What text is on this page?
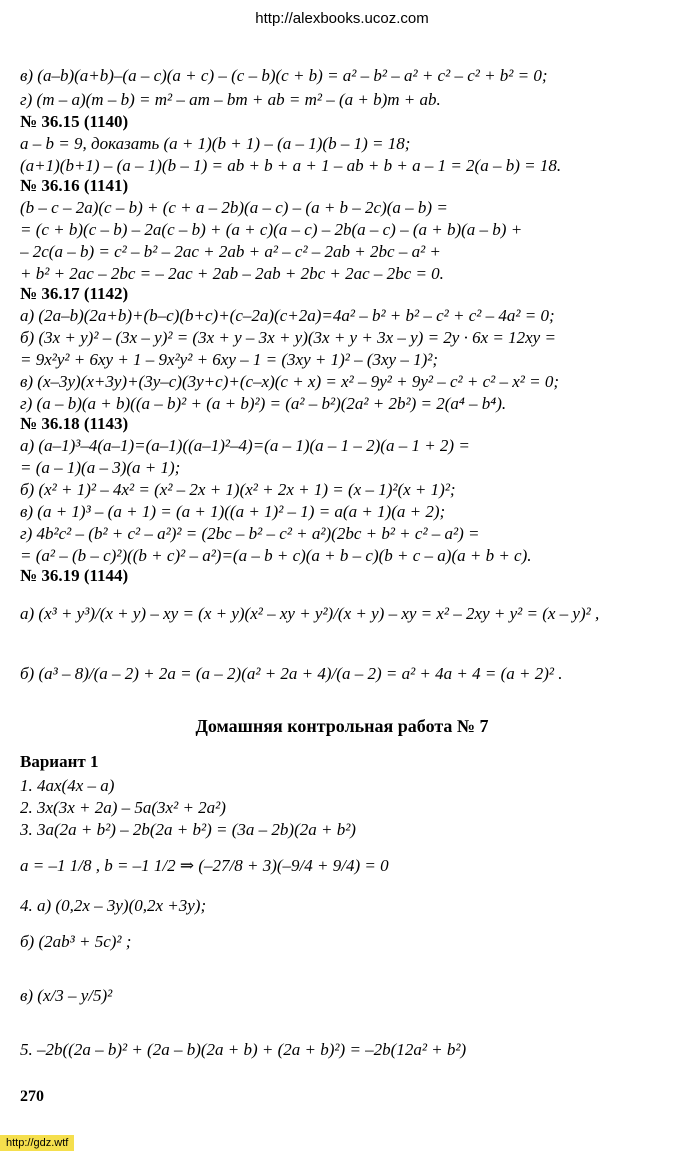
http://alexbooks.ucoz.com
в) (a–b)(a+b)–(a – c)(a + c) – (c – b)(c + b) = a² – b² – a² + c² – c² + b² = 0;
г) (m – a)(m – b) = m² – am – bm + ab = m² – (a + b)m + ab.
№ 36.15 (1140)
a – b = 9, доказать (a + 1)(b + 1) – (a – 1)(b – 1) = 18;
(a+1)(b+1) – (a – 1)(b – 1) = ab + b + a + 1 – ab + b + a – 1 = 2(a – b) = 18.
№ 36.16 (1141)
(b – c – 2a)(c – b) + (c + a – 2b)(a – c) – (a + b – 2c)(a – b) =
= (c + b)(c – b) – 2a(c – b) + (a + c)(a – c) – 2b(a – c) – (a + b)(a – b) +
– 2c(a – b) = c² – b² – 2ac + 2ab + a² – c² – 2ab + 2bc – a² +
+ b² + 2ac – 2bc = – 2ac + 2ab – 2ab + 2bc + 2ac – 2bc = 0.
№ 36.17 (1142)
а) (2a–b)(2a+b)+(b–c)(b+c)+(c–2a)(c+2a)=4a² – b² + b² – c² + c² – 4a² = 0;
б) (3x + y)² – (3x – y)² = (3x + y – 3x + y)(3x + y + 3x – y) = 2y · 6x = 12xy =
= 9x²y² + 6xy + 1 – 9x²y² + 6xy – 1 = (3xy + 1)² – (3xy – 1)²;
в) (x–3y)(x+3y)+(3y–c)(3y+c)+(c–x)(c + x) = x² – 9y² + 9y² – c² + c² – x² = 0;
г) (a – b)(a + b)((a – b)² + (a + b)²) = (a² – b²)(2a² + 2b²) = 2(a⁴ – b⁴).
№ 36.18 (1143)
а) (a–1)³–4(a–1)=(a–1)((a–1)²–4)=(a – 1)(a – 1 – 2)(a – 1 + 2) =
= (a – 1)(a – 3)(a + 1);
б) (x² + 1)² – 4x² = (x² – 2x + 1)(x² + 2x + 1) = (x – 1)²(x + 1)²;
в) (a + 1)³ – (a + 1) = (a + 1)((a + 1)² – 1) = a(a + 1)(a + 2);
г) 4b²c² – (b² + c² – a²)² = (2bc – b² – c² + a²)(2bc + b² + c² – a²) =
= (a² – (b – c)²)((b + c)² – a²)=(a – b + c)(a + b – c)(b + c – a)(a + b + c).
№ 36.19 (1144)
а) (x³ + y³)/(x + y) – xy = (x + y)(x² – xy + y²)/(x + y) – xy = x² – 2xy + y² = (x – y)² ,
б) (a³ – 8)/(a – 2) + 2a = (a – 2)(a² + 2a + 4)/(a – 2) = a² + 4a + 4 = (a + 2)² .
Домашняя контрольная работа № 7
Вариант 1
1. 4ax(4x – a)
2. 3x(3x + 2a) – 5a(3x² + 2a²)
3. 3a(2a + b²) – 2b(2a + b²) = (3a – 2b)(2a + b²)
a = –1 1/8 , b = –1 1/2 ⇒ (–27/8 + 3)(–9/4 + 9/4) = 0
4. а) (0,2x – 3y)(0,2x +3y);
б) (2ab³ + 5c)² ;
в) (x/3 – y/5)²
5. –2b((2a – b)² + (2a – b)(2a + b) + (2a + b)²) = –2b(12a² + b²)
270
http://gdz.wtf
